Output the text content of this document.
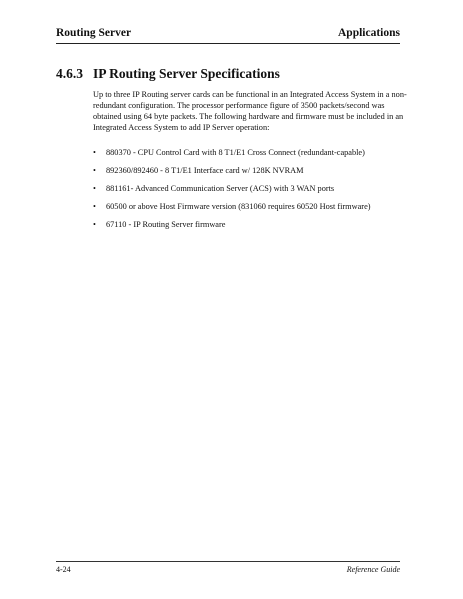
Routing Server	Applications
4.6.3 IP Routing Server Specifications

Up to three IP Routing server cards can be functional in an Integrated Access System in a non-redundant configuration. The processor performance figure of 3500 packets/second was obtained using 64 byte packets. The following hardware and firmware must be included in an Integrated Access System to add IP Server operation:

• 880370 - CPU Control Card with 8 T1/E1 Cross Connect (redundant-capable)
• 892360/892460 - 8 T1/E1 Interface card w/ 128K NVRAM
• 881161- Advanced Communication Server (ACS) with 3 WAN ports
• 60500 or above Host Firmware version (831060 requires 60520 Host firmware)
• 67110 - IP Routing Server firmware
4-24	Reference Guide
